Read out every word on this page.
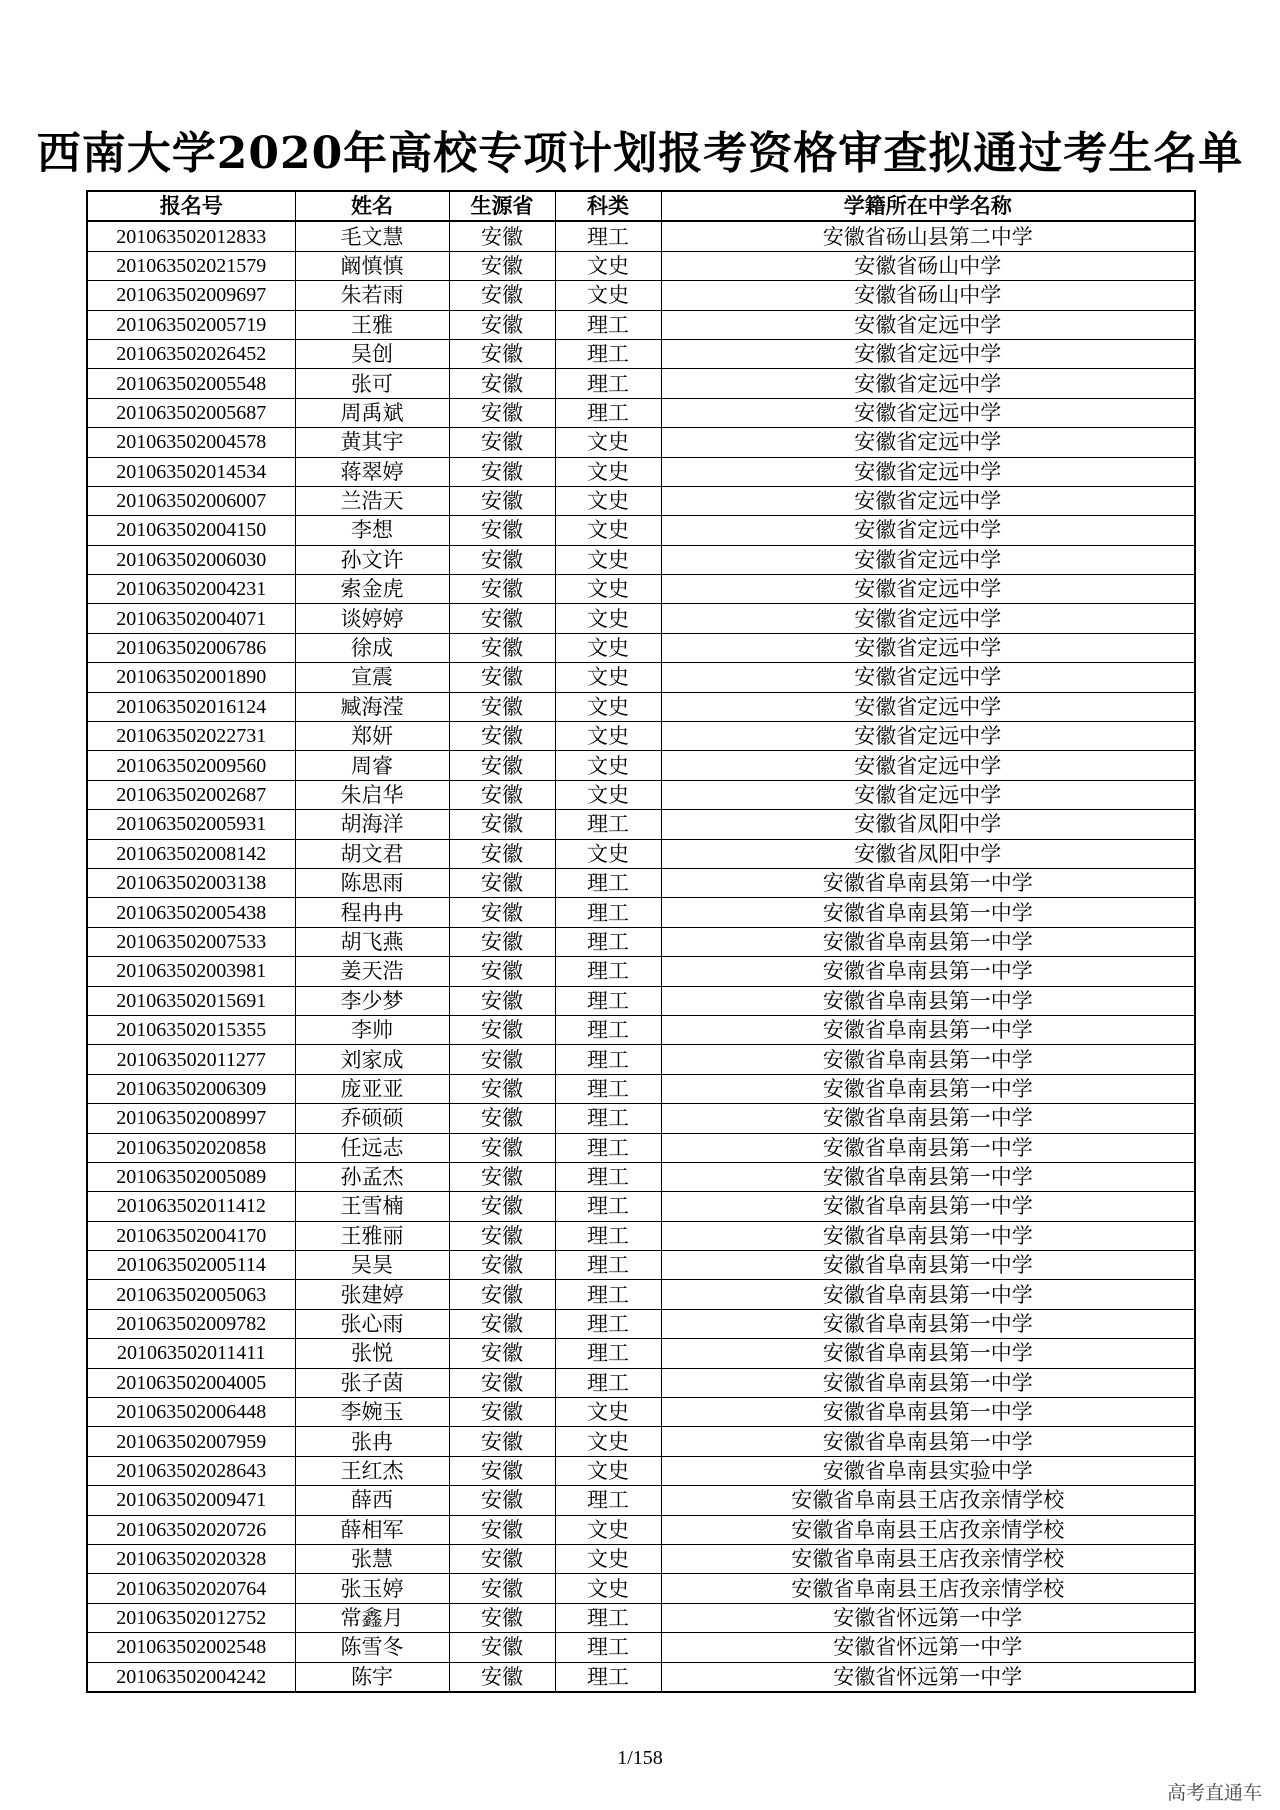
西南大学2020年高校专项计划报考资格审查拟通过考生名单
报名号	姓名	生源省	科类	学籍所在中学名称
201063502012833	毛文慧	安徽	理工	安徽省砀山县第二中学
201063502021579	阚慎慎	安徽	文史	安徽省砀山中学
201063502009697	朱若雨	安徽	文史	安徽省砀山中学
201063502005719	王雅	安徽	理工	安徽省定远中学
201063502026452	吴创	安徽	理工	安徽省定远中学
201063502005548	张可	安徽	理工	安徽省定远中学
201063502005687	周禹斌	安徽	理工	安徽省定远中学
201063502004578	黄其宇	安徽	文史	安徽省定远中学
201063502014534	蒋翠婷	安徽	文史	安徽省定远中学
201063502006007	兰浩天	安徽	文史	安徽省定远中学
201063502004150	李想	安徽	文史	安徽省定远中学
201063502006030	孙文许	安徽	文史	安徽省定远中学
201063502004231	索金虎	安徽	文史	安徽省定远中学
201063502004071	谈婷婷	安徽	文史	安徽省定远中学
201063502006786	徐成	安徽	文史	安徽省定远中学
201063502001890	宣震	安徽	文史	安徽省定远中学
201063502016124	臧海滢	安徽	文史	安徽省定远中学
201063502022731	郑妍	安徽	文史	安徽省定远中学
201063502009560	周睿	安徽	文史	安徽省定远中学
201063502002687	朱启华	安徽	文史	安徽省定远中学
201063502005931	胡海洋	安徽	理工	安徽省凤阳中学
201063502008142	胡文君	安徽	文史	安徽省凤阳中学
201063502003138	陈思雨	安徽	理工	安徽省阜南县第一中学
201063502005438	程冉冉	安徽	理工	安徽省阜南县第一中学
201063502007533	胡飞燕	安徽	理工	安徽省阜南县第一中学
201063502003981	姜天浩	安徽	理工	安徽省阜南县第一中学
201063502015691	李少梦	安徽	理工	安徽省阜南县第一中学
201063502015355	李帅	安徽	理工	安徽省阜南县第一中学
201063502011277	刘家成	安徽	理工	安徽省阜南县第一中学
201063502006309	庞亚亚	安徽	理工	安徽省阜南县第一中学
201063502008997	乔硕硕	安徽	理工	安徽省阜南县第一中学
201063502020858	任远志	安徽	理工	安徽省阜南县第一中学
201063502005089	孙孟杰	安徽	理工	安徽省阜南县第一中学
201063502011412	王雪楠	安徽	理工	安徽省阜南县第一中学
201063502004170	王雅丽	安徽	理工	安徽省阜南县第一中学
201063502005114	吴昊	安徽	理工	安徽省阜南县第一中学
201063502005063	张建婷	安徽	理工	安徽省阜南县第一中学
201063502009782	张心雨	安徽	理工	安徽省阜南县第一中学
201063502011411	张悦	安徽	理工	安徽省阜南县第一中学
201063502004005	张子茵	安徽	理工	安徽省阜南县第一中学
201063502006448	李婉玉	安徽	文史	安徽省阜南县第一中学
201063502007959	张冉	安徽	文史	安徽省阜南县第一中学
201063502028643	王红杰	安徽	文史	安徽省阜南县实验中学
201063502009471	薛西	安徽	理工	安徽省阜南县王店孜亲情学校
201063502020726	薛相军	安徽	文史	安徽省阜南县王店孜亲情学校
201063502020328	张慧	安徽	文史	安徽省阜南县王店孜亲情学校
201063502020764	张玉婷	安徽	文史	安徽省阜南县王店孜亲情学校
201063502012752	常鑫月	安徽	理工	安徽省怀远第一中学
201063502002548	陈雪冬	安徽	理工	安徽省怀远第一中学
201063502004242	陈宇	安徽	理工	安徽省怀远第一中学
1/158
高考直通车
